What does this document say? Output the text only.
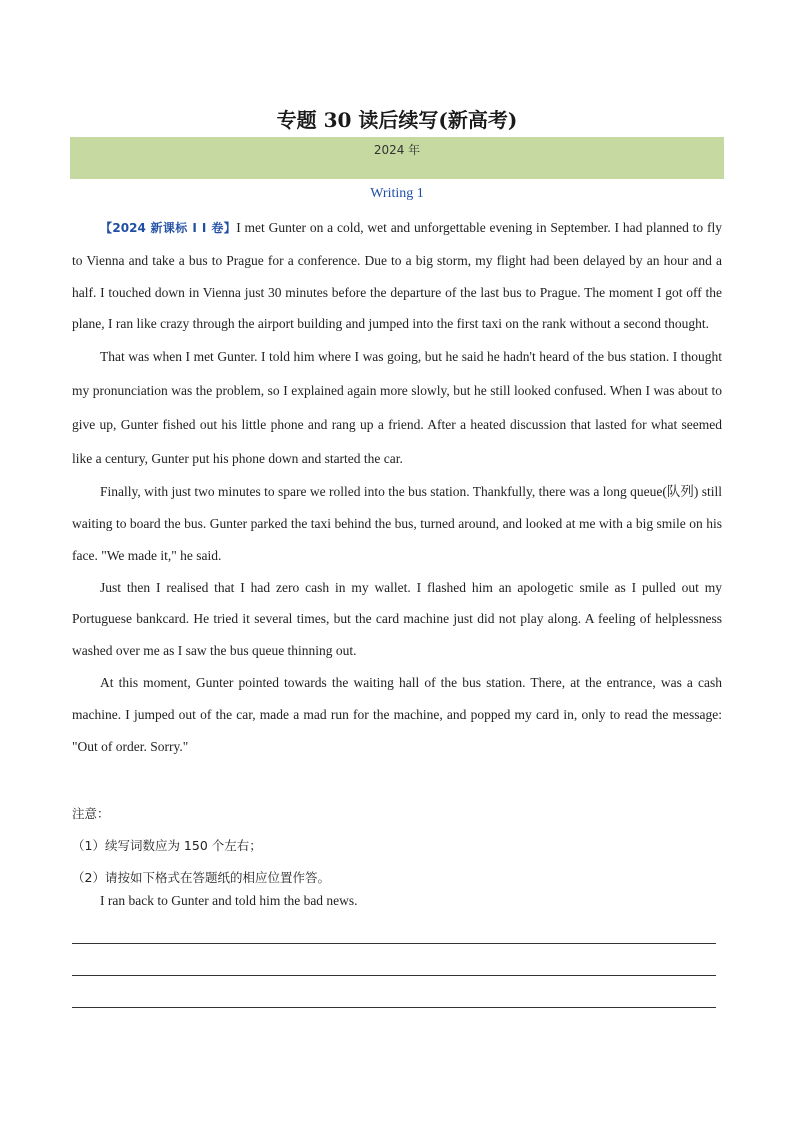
专题 30 读后续写(新高考)
2024 年
Writing 1

【2024 新课标 Ⅰ Ⅰ 卷】I met Gunter on a cold, wet and unforgettable evening in September. I had planned to fly to Vienna and take a bus to Prague for a conference. Due to a big storm, my flight had been delayed by an hour and a half. I touched down in Vienna just 30 minutes before the departure of the last bus to Prague. The moment I got off the plane, I ran like crazy through the airport building and jumped into the first taxi on the rank without a second thought.

That was when I met Gunter. I told him where I was going, but he said he hadn't heard of the bus station. I thought my pronunciation was the problem, so I explained again more slowly, but he still looked confused. When I was about to give up, Gunter fished out his little phone and rang up a friend. After a heated discussion that lasted for what seemed like a century, Gunter put his phone down and started the car.

Finally, with just two minutes to spare we rolled into the bus station. Thankfully, there was a long queue(队列) still waiting to board the bus. Gunter parked the taxi behind the bus, turned around, and looked at me with a big smile on his face. "We made it," he said.

Just then I realised that I had zero cash in my wallet. I flashed him an apologetic smile as I pulled out my Portuguese bankcard. He tried it several times, but the card machine just did not play along. A feeling of helplessness washed over me as I saw the bus queue thinning out.

At this moment, Gunter pointed towards the waiting hall of the bus station. There, at the entrance, was a cash machine. I jumped out of the car, made a mad run for the machine, and popped my card in, only to read the message: "Out of order. Sorry."

注意：
（1）续写词数应为 150 个左右；
（2）请按如下格式在答题纸的相应位置作答。
I ran back to Gunter and told him the bad news.
